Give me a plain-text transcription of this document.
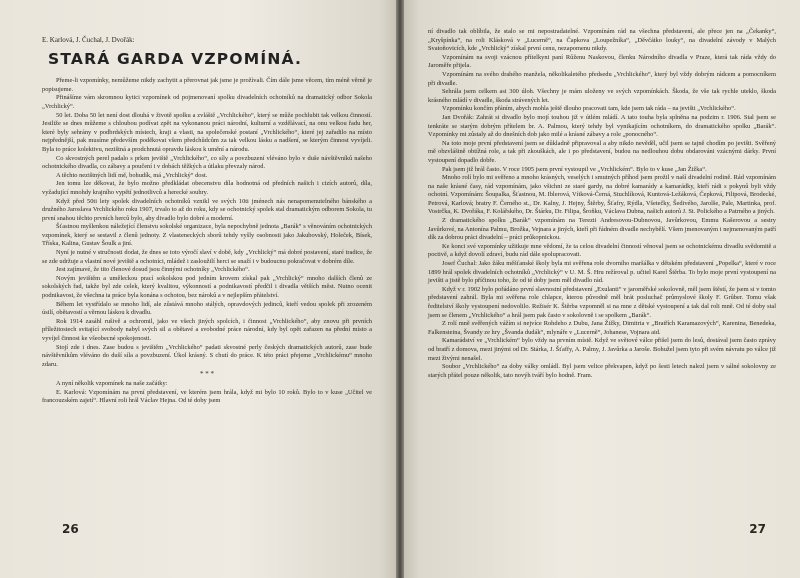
E. Karlová, J. Čuchal, J. Dvořák:
STARÁ GARDA VZPOMÍNÁ.

Přeme-li vzpomínky, nemůžeme nikdy zachytit a přerovnat jak jsme je prožívali. Čím dále jsme věcem, tím méně věrně je popisujeme.

Přinášíme vám skromnou kytici vzpomínek od pojmenovaní spolku divadelních ochotníků na dramatický odbor Sokola „Vrchlický“.

50 let. Doba 50 let není dost dlouhá v životě spolku a zvláště „Vrchlického“, který se může pochlubit tak velkou činností. Jestliže se dnes můžeme s chloubou podívat zpět na vykonanou práci národní, kulturní a vzdělávací, na onu velkou řadu her, které byly sehrány v podbrdských místech, kraji a vlasti, na společenské postaní „Vrchlického“, které jej zařadilo na místo nejpřednější, pak musíme především poděkovat všem předchůdcům za tak velkou lásku a nadšení, se kterým činnost vyvíjeli. Byla to práce kolektivu, nezištná a prodchnutá opravdu láskou k umění a národu.

Co skvostných perel padalo s prken jeviště „Vrchlického“, co síly a povzbuzení vléváno bylo v duše návštěvníků našeho ochotnického divadla, co zábavy a poučení i v dobách těžkých a útlaku převzaly národ.

A těchto nezištných lidí mě, bohudík, má „Vrchlický“ dost.

Jen tomu lze děkovat, že bylo možno předkládat obecenstvu díla hodnotná od předních našich i cizích autorů, díla, vyžadující mnohdy krajního vypětí jednotlivců a herecké souhry.

Když před 50ti lety spolek divadelních ochotníků vznikl ve svých 10ti jménech nás nenapomenutelného bánského a družného Jaroslava Vrchlického roku 1907, trvalo to až do roku, kdy se ochotnický spolek stal dramatickým odborem Sokola, tu první snahou těchto prvních herců bylo, aby divadlo bylo dobré a moderní.

Šťastnou myšlenkou náležející členstvu sokolské organizace, byla nepochybně jednota „Barák“ s věnováním ochotnických vzpomínek, který se sestavil z členů jednoty. Z vlasteneckých sborů tehdy vyšly osobnosti jako Jakubovský, Holeček, Bísek, Tříska, Kalina, Gustav Šoulk a jiní.

Nyní je nutné v stručnosti dodat, že dnes se toto výročí slaví v době, kdy „Vrchlický“ má dobré postavení, staré tradice, že se zde udržuje a vlastní nové jeviště a ochotníci, mládež i zasloužilí herci se snaží i v budoucnu pokračovat v dobrém díle.

Jest zajímavé, že tito členové dosud jsou činnými ochotníky „Vrchlického“.

Novým jevištěm a uměleckou prací sokolskou pod jedním krovem získal pak „Vrchlický“ mnoho dalších členů ze sokolských řad, takže byl zde celek, který kvalitou, výkonností a podnikavostí předčil i divadla větších měst. Nutno ocenit podnikavost, že všechna ta práce byla konána s ochotou, bez nároků a v nejlepším přátelství.

Během let vystřídalo se mnoho lidí, ale zůstává mnoho stálých, opravdových jedinců, kteří vedou spolek při zrozeném úsilí, obětavostí a věrnou láskou k divadlu.

Rok 1914 zasáhl rušivě a ochromil, jako ve všech jiných spolcích, i činnost „Vrchlického“, aby znovu při prvních příležitostech svitající svobody nabyl svých sil a obětavé a svobodné práce národní, kdy byl opět zařazen na přední místo a vyvíjel činnost ke všeobecné spokojenosti.

Stojí zde i dnes. Zase budou s jevištěm „Vrchlického“ padati skvostné perly českých dramatických autorů, zase bude návštěvníkům vléváno do duší síla a povzbuzení. Úkol krásný. S chutí do práce. K této práci přejeme „Vrchlickému“ mnoho zdaru.

* * *

A nyní několik vzpomínek na naše začátky:

E. Karlová: Vzpomínám na první představení, ve kterém jsem hrála, když mi bylo 10 roků. Bylo to v kuse „Učitel ve francouzském zajetí“. Hlavní roli hrál Václav Hejna. Od té doby jsem

26

ní divadlo tak oblíbila, že stalo se mi nepostradatelné. Vzpomínám rád na všechna představení, ale přece jen na „Čekanky“, „Kryšpínka“, na roli Klásková v „Lucerně“, na Čapkova „Loupežníka“, „Děvčátko louky“, na divadelní závody v Malých Svatoňovicích, kde „Vrchlický“ získal první cenu, nezapomenu nikdy.

Vzpomínám na svoji vzácnou přítelkyni paní Růženu Naskovou, členku Národního divadla v Praze, která tak ráda vždy do Jaroměře přijela.

Vzpomínám na svého drahého manžela, několikaletého předsedu „Vrchlického“, který byl vždy dobrým rádcem a pomocníkem při divadle.

Sehrála jsem celkem asi 300 úloh. Všechny je mám uloženy ve svých vzpomínkách. Škoda, že vše tak rychle uteklo, škoda krásného mládí v divadle, škoda strávených let.

Vzpomínku končím přáním, abych mohla ještě dlouho pracovati tam, kde jsem tak ráda – na jevišti „Vrchlického“.

Jan Dvořák: Zahrát si divadlo bylo mojí touhou již v útlém mládí. A tato touha byla splněna na podzim r. 1906. Stal jsem se tenkráte se starým dobrým přítelem br. A. Palmou, který tehdy byl vynikajícím ochotníkem, do dramatického spolku „Barák“. Vzpomínky mi zůstaly až do dnešních dob jako milé a krásné zábavy a role „ponocného“.

Na toto moje první představení jsem se důkladně připravoval a aby nikdo nevěděl, učil jsem se tajně chodím po jevišti. Svěřený mě obzvláštně obtížná role, a tak při zkouškách, ale i po představení, budou na nedlouhou dobu obdarováni vzácnými dárky. První vystoupení dopadlo dobře.

Pak jsem již hrál často. V roce 1905 jsem první vystoupil ve „Vrchlickém“. Bylo to v kuse „Jan Žižka“.

Mnoho rolí bylo mi svěřeno a mnoho krásných, veselých i smutných příhod jsem prožil v naší divadelní rodině. Rád vzpomínám na naše krásné časy, rád vzpomínám, jako všichni ze staré gardy, na dobré kamarády a kamarádky, kteří rádi s pokynů byli vždy ochotní. Vzpomínám: Šoupalka, Šťastnou, M. Iblerová, Vítková-Černá, Stuchlíková, Kuntová-Ležáková, Čepková, Filipová, Brodecké, Petrová, Karlová; bratry F. Černého st., Dr. Kalny, J. Hejny, Štěrby, Šťafry, Rýdla, Všetečky, Šedivého, Jarolše, Pale, Martinka, prof. Vostrčka, K. Dvořáka, F. Kolářského, Dr. Štárku, Dr. Filipa, Šroňku, Václava Dubna, našich autorů J. St. Polického a Patrného a jiných.

Z dramatického spolku „Barák“ vzpomínám na Terezii Andresovou-Dubnovou, Javůrkovou, Emmu Kašerovou a sestry Javůrkové, na Antonína Palmu, Brožka, Vejnara a jiných, kteří při řádném divadle nechybělí. Všem jmenovaným i nejmenovaným patří dík za dobrou práci divadelní – práci průkopnickou.

Ke konci své vzpomínky užitkuje mne vědomí, že ta celou divadelní činností věnoval jsem se ochotnickému divadlu svědomitě a poctivě, a když dovolí zdraví, budu rád dále spolupracovati.

Josef Čuchal: Jako žáku měšťanské školy byla mi svěřena role dvorního maršálka v dětském představení „Popelka“, které v roce 1899 hrál spolek divadelních ochotníků „Vrchlický“ v U. M. Š. Hru režíroval p. učitel Karel Štěrba. To bylo moje první vystoupení na jevišti a jistě bylo příčinou toho, že od té doby jsem měl divadlo rád.

Když v r. 1902 bylo pořádáno první slavnostní představení „Exulanti“ v jaroměřské sokolovně, měl jsem štěstí, že jsem si v tomto představení zahrál. Byla mi svěřena role chlapce, kterou původně měl hrát posluchač průmyslové školy F. Grůber. Tomu však ředitelství školy vystoupení nedovolilo. Režisér K. Štěrba vzpomněl si na mne z dětské vystoupení a tak dal roli mně. Od té doby stal jsem se členem „Vrchlického“ a hrál jsem pak často v sokolovně i se spolkem „Barák“.

Z rolí mně svěřených vážím si nejvíce Rohdeho z Dubu, Jana Žižky, Dimitria v „Bratřích Karamazových“, Karenina, Benedeka, Falkensteina, Švandy ze hry „Švanda dudák“, mlynáře v „Lucerně“, Johanese, Vojnara aid.

Kamarádství ve „Vrchlickém“ bylo vždy na prvním místě. Když ve světové válce přišel jsem do lesů, dostával jsem často zprávy od bratří z domova, mezi jinými od Dr. Stárka, J. Šťaffy, A. Palmy, J. Javůrka a Jaroše. Bohužel jsem tyto při svém návratu po válce již mezi živými nenašel.

Soubor „Vrchlického“ za doby války omládl. Byl jsem velice překvapen, když po šesti letech nalezl jsem v sálné sokolovny ze starých přátel pouze několik, tato novýh tváří bylo hodně. Fram.

27
